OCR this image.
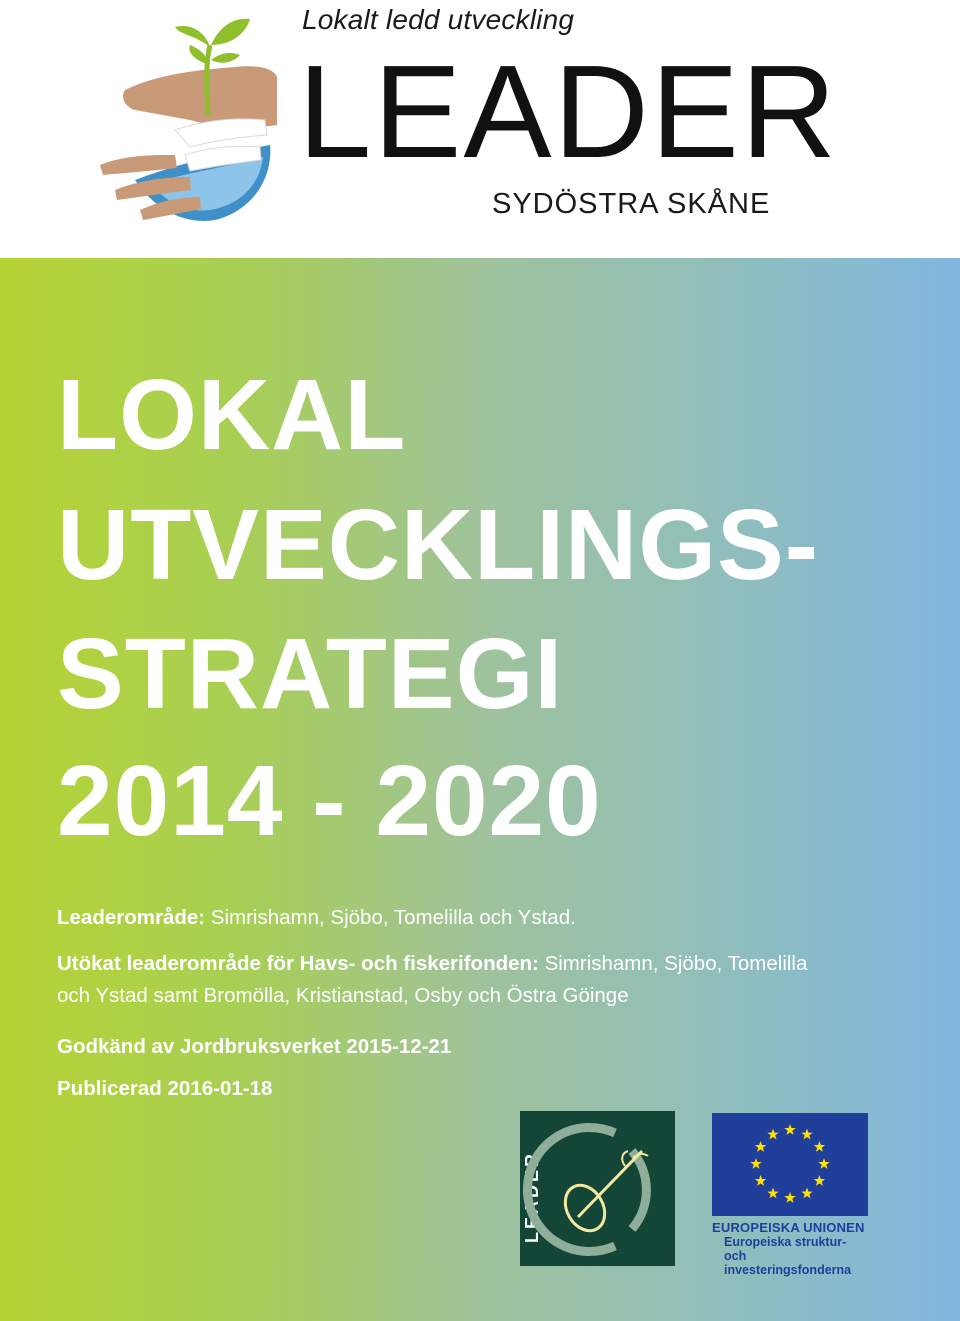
Lokalt ledd utveckling
LEADER
SYDÖSTRA SKÅNE
LOKAL
UTVECKLINGS-
STRATEGI
2014 - 2020
Leaderområde: Simrishamn, Sjöbo, Tomelilla och Ystad.
Utökat leaderområde för Havs- och fiskerifonden: Simrishamn, Sjöbo, Tomelilla
och Ystad samt Bromölla, Kristianstad, Osby och Östra Göinge
Godkänd av Jordbruksverket 2015-12-21
Publicerad 2016-01-18
LEADER	EUROPEISKA UNIONEN
Europeiska struktur-
och investeringsfonderna
